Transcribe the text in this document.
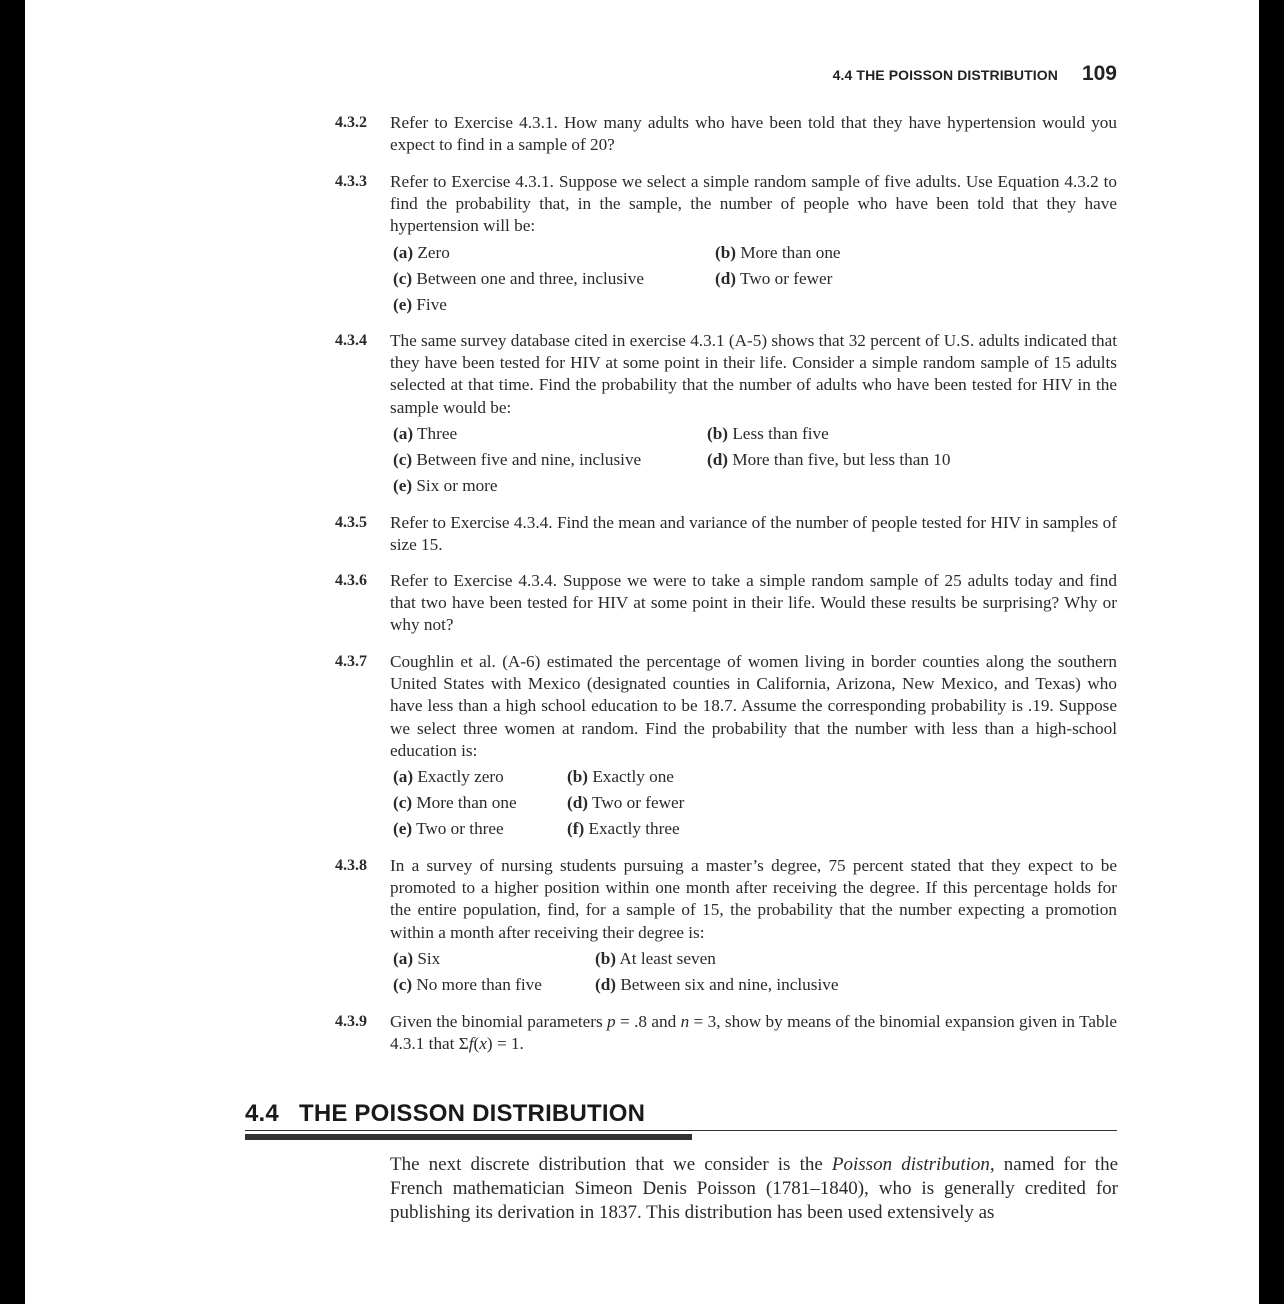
4.4 THE POISSON DISTRIBUTION 109
4.3.2 Refer to Exercise 4.3.1. How many adults who have been told that they have hypertension would you expect to find in a sample of 20?

4.3.3 Refer to Exercise 4.3.1. Suppose we select a simple random sample of five adults. Use Equation 4.3.2 to find the probability that, in the sample, the number of people who have been told that they have hypertension will be:

(a) Zero	(b) More than one
(c) Between one and three, inclusive	(d) Two or fewer
(e) Five
4.3.4 The same survey database cited in exercise 4.3.1 (A-5) shows that 32 percent of U.S. adults indicated that they have been tested for HIV at some point in their life. Consider a simple random sample of 15 adults selected at that time. Find the probability that the number of adults who have been tested for HIV in the sample would be:

(a) Three	(b) Less than five
(c) Between five and nine, inclusive	(d) More than five, but less than 10
(e) Six or more
4.3.5 Refer to Exercise 4.3.4. Find the mean and variance of the number of people tested for HIV in samples of size 15.

4.3.6 Refer to Exercise 4.3.4. Suppose we were to take a simple random sample of 25 adults today and find that two have been tested for HIV at some point in their life. Would these results be surprising? Why or why not?

4.3.7 Coughlin et al. (A-6) estimated the percentage of women living in border counties along the southern United States with Mexico (designated counties in California, Arizona, New Mexico, and Texas) who have less than a high school education to be 18.7. Assume the corresponding probability is .19. Suppose we select three women at random. Find the probability that the number with less than a high-school education is:

(a) Exactly zero	(b) Exactly one
(c) More than one	(d) Two or fewer
(e) Two or three	(f) Exactly three
4.3.8 In a survey of nursing students pursuing a master’s degree, 75 percent stated that they expect to be promoted to a higher position within one month after receiving the degree. If this percentage holds for the entire population, find, for a sample of 15, the probability that the number expecting a promotion within a month after receiving their degree is:

(a) Six	(b) At least seven
(c) No more than five	(d) Between six and nine, inclusive
4.3.9 Given the binomial parameters p = .8 and n = 3, show by means of the binomial expansion given in Table 4.3.1 that Σf(x) = 1.

4.4 THE POISSON DISTRIBUTION

The next discrete distribution that we consider is the Poisson distribution, named for the French mathematician Simeon Denis Poisson (1781–1840), who is generally credited for publishing its derivation in 1837. This distribution has been used extensively as
